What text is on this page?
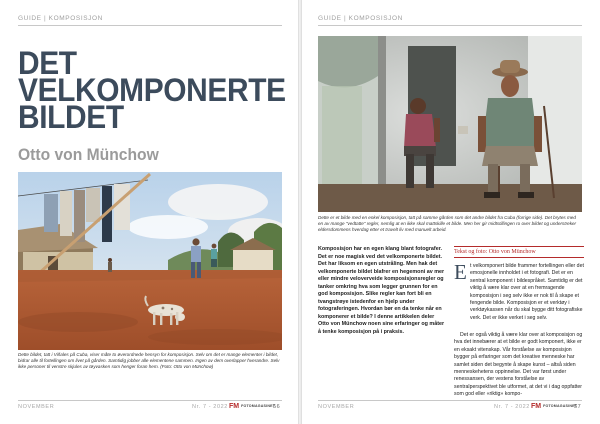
GUIDE | KOMPOSISJON
DET
VELKOMPONERTE
BILDET
Otto von Münchow
Dette bildet, tatt i Viñales på Cuba, viser måte to øverordnede hensyn for komposisjon. Selv om det er mange elementer i bildet, bidrar alle til fortellingen om livet på gården. Samtidig jobber alle elementene sammen. Ingen av dem overlapper hverandre. Selv ikke personer til venstre skjules av tøyvasken som henger foran hem. (Foto: Otto von Münchow)
NOVEMBER	Nr. 7 - 2022 FM FOTOMAGASINET
56
GUIDE | KOMPOSISJON
Dette er et bilde med en enkel komposisjon, tatt på samme gården som det andre bildet fra Cuba (forrige side). Det brytes med en av mange "vedtatte" regler, nemlig at en ikke skal mattskille et bilde. Men her gir midtstillingen ro over bildet og understreker eldersdommens hverdag etter et travelt liv med manuelt arbeid.
Komposisjon har en egen klang blant fotografer. Det er noe magisk ved det velkomponerte bildet. Det har liksom en egen utstråling. Men hak det velkomponerte bildet blafrer en hegemoni av mer eller mindre veloverveide komposisjonsregler og tanker omkring hva som legger grunnen for en god komposisjon. Slike regler kan fort bli en tvangstrøye istedenfor en hjelp under fotograferingen. Hvordan bør en da tenke når en komponerer et bilde? I denne artikkelen deler Otto von Münchow noen sine erfaringer og måter å tenke komposisjon på i praksis.
Tekst og foto: Otto von Münchow
E t velkomponert bilde frammer fortellingen eller det emosjonelle innholdet i et fotografi. Det er en sentral komponent i bildespråket. Samtidig er det viktig å være klar over at en fremragende komposisjon i seg selv ikke er nok til å skape et fengende bilde. Komposisjon er et verktøy i verktøykassen når du skal bygge ditt fotografiske verk. Det er ikke verket i seg selv.
Det er også viktig å være klar over at komposisjon og hva det innebærer at et bilde er godt komponert, ikke er en eksakt vitenskap. Vår forståelse av komposisjon bygger på erfaringer som det kreative menneske har samlet siden det begynte å skape kunst – altså siden menneskehetens oppinnelse. Det var først under renessansen, der vestens forståelse av sentralperspektivet ble utformet, at det vi i dag oppfatter som god eller «riktig» kompo-
NOVEMBER	Nr. 7 - 2022 FM FOTOMAGASINET
57
